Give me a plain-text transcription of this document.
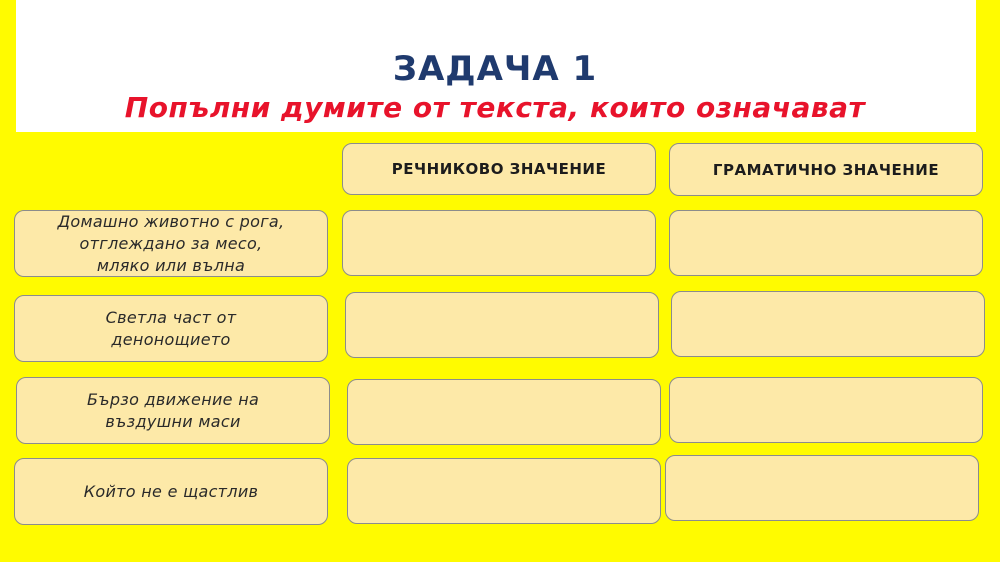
ЗАДАЧА 1
Попълни думите от текста, които означават
РЕЧНИКОВО ЗНАЧЕНИЕ	ГРАМАТИЧНО ЗНАЧЕНИЕ
Домашно животно с рога,
отглеждано за месо,
мляко или вълна
Светла част от
денонощието
Бързо движение на
въздушни маси
Който не е щастлив
